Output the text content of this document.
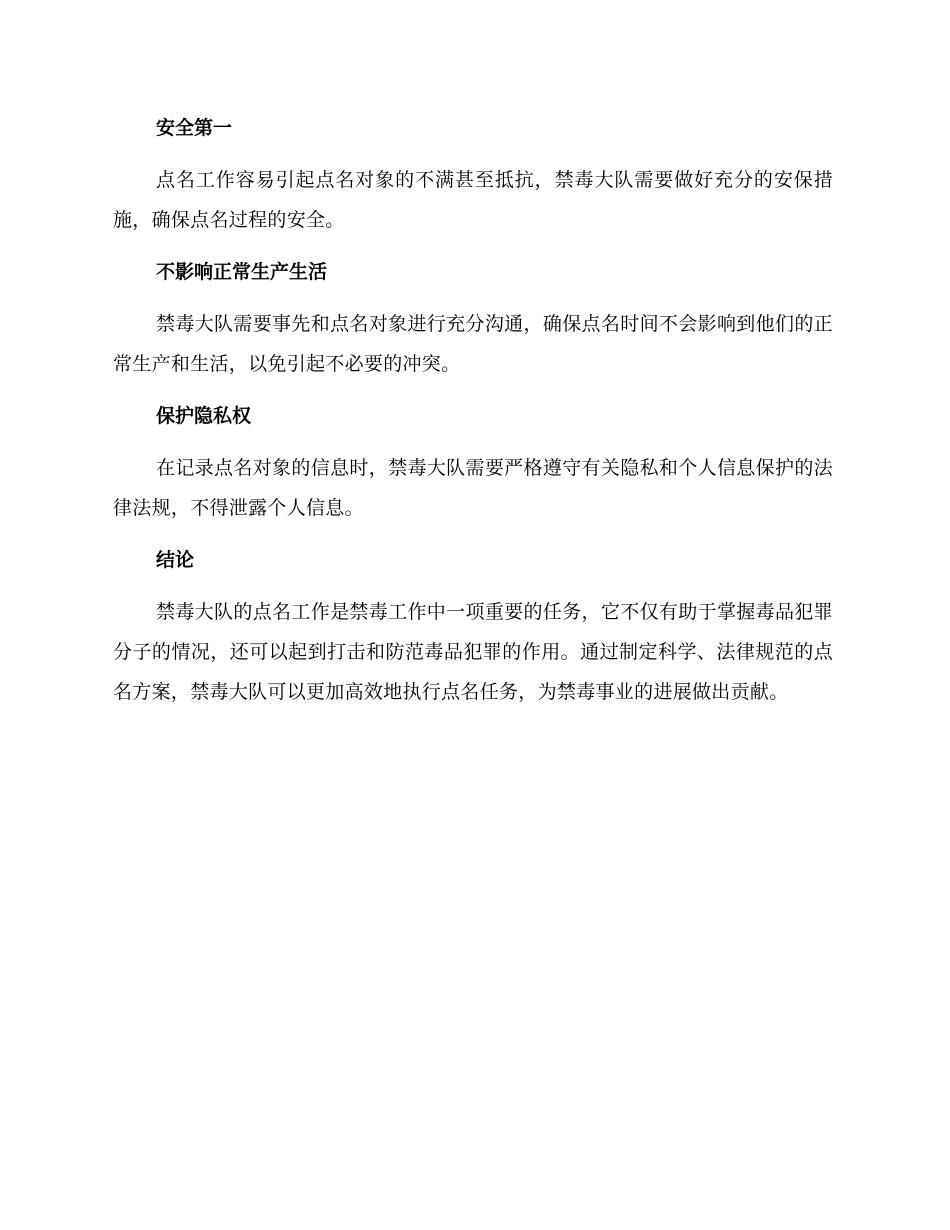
安全第一

点名工作容易引起点名对象的不满甚至抵抗，禁毒大队需要做好充分的安保措施，确保点名过程的安全。

不影响正常生产生活

禁毒大队需要事先和点名对象进行充分沟通，确保点名时间不会影响到他们的正常生产和生活，以免引起不必要的冲突。

保护隐私权

在记录点名对象的信息时，禁毒大队需要严格遵守有关隐私和个人信息保护的法律法规，不得泄露个人信息。

结论

禁毒大队的点名工作是禁毒工作中一项重要的任务，它不仅有助于掌握毒品犯罪分子的情况，还可以起到打击和防范毒品犯罪的作用。通过制定科学、法律规范的点名方案，禁毒大队可以更加高效地执行点名任务，为禁毒事业的进展做出贡献。
